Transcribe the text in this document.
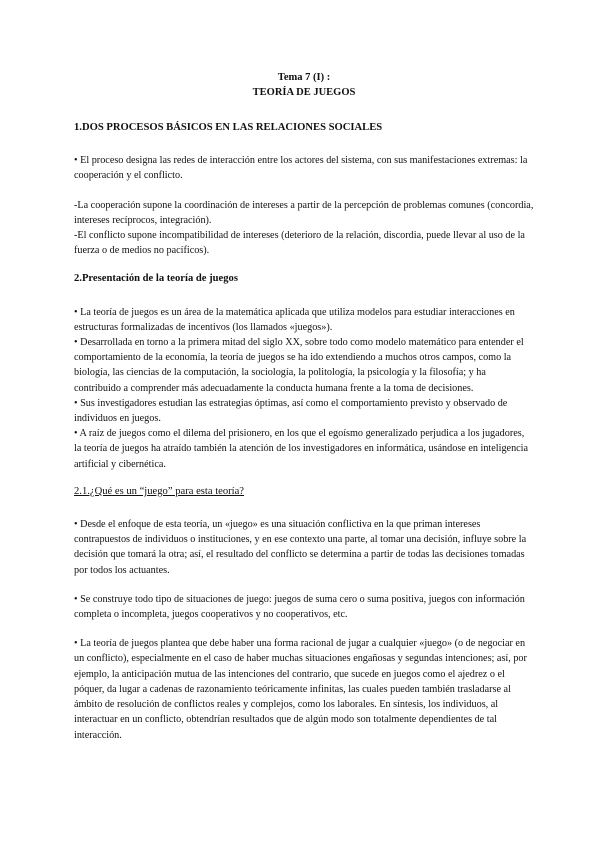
Tema 7 (I) :
TEORÍA DE JUEGOS
1.DOS PROCESOS BÁSICOS EN LAS RELACIONES SOCIALES

• El proceso designa las redes de interacción entre los actores del sistema, con sus manifestaciones extremas: la cooperación y el conflicto.

-La cooperación supone la coordinación de intereses a partir de la percepción de problemas comunes (concordia, intereses recíprocos, integración).

-El conflicto supone incompatibilidad de intereses (deterioro de la relación, discordia, puede llevar al uso de la fuerza o de medios no pacíficos).

2.Presentación de la teoría de juegos

• La teoría de juegos es un área de la matemática aplicada que utiliza modelos para estudiar interacciones en estructuras formalizadas de incentivos (los llamados «juegos»).

• Desarrollada en torno a la primera mitad del siglo XX, sobre todo como modelo matemático para entender el comportamiento de la economía, la teoría de juegos se ha ido extendiendo a muchos otros campos, como la biología, las ciencias de la computación, la sociología, la politología, la psicología y la filosofía; y ha contribuido a comprender más adecuadamente la conducta humana frente a la toma de decisiones.

• Sus investigadores estudian las estrategias óptimas, así como el comportamiento previsto y observado de individuos en juegos.

• A raíz de juegos como el dilema del prisionero, en los que el egoísmo generalizado perjudica a los jugadores, la teoría de juegos ha atraído también la atención de los investigadores en informática, usándose en inteligencia artificial y cibernética.

2.1.¿Qué es un “juego” para esta teoría?

• Desde el enfoque de esta teoría, un «juego» es una situación conflictiva en la que priman intereses contrapuestos de individuos o instituciones, y en ese contexto una parte, al tomar una decisión, influye sobre la decisión que tomará la otra; así, el resultado del conflicto se determina a partir de todas las decisiones tomadas por todos los actuantes.

• Se construye todo tipo de situaciones de juego: juegos de suma cero o suma positiva, juegos con información completa o incompleta, juegos cooperativos y no cooperativos, etc.

• La teoría de juegos plantea que debe haber una forma racional de jugar a cualquier «juego» (o de negociar en un conflicto), especialmente en el caso de haber muchas situaciones engañosas y segundas intenciones; así, por ejemplo, la anticipación mutua de las intenciones del contrario, que sucede en juegos como el ajedrez o el póquer, da lugar a cadenas de razonamiento teóricamente infinitas, las cuales pueden también trasladarse al ámbito de resolución de conflictos reales y complejos, como los laborales. En síntesis, los individuos, al interactuar en un conflicto, obtendrían resultados que de algún modo son totalmente dependientes de tal interacción.
